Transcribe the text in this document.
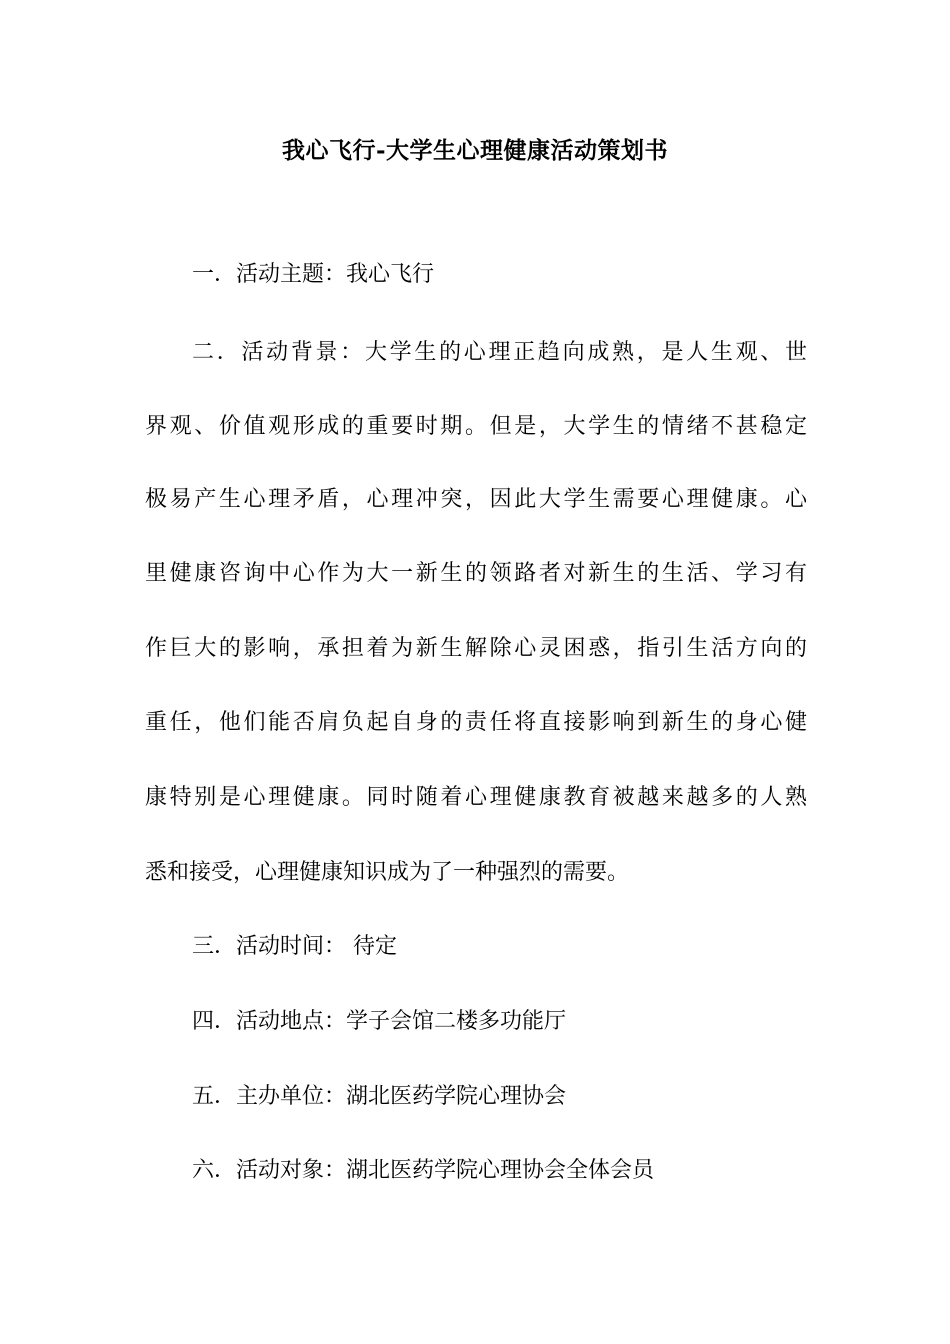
我心飞行-大学生心理健康活动策划书
一．活动主题：我心飞行
二．活动背景：大学生的心理正趋向成熟，是人生观、世
界观、价值观形成的重要时期。但是，大学生的情绪不甚稳定
极易产生心理矛盾，心理冲突，因此大学生需要心理健康。心
里健康咨询中心作为大一新生的领路者对新生的生活、学习有
作巨大的影响，承担着为新生解除心灵困惑，指引生活方向的
重任，他们能否肩负起自身的责任将直接影响到新生的身心健
康特别是心理健康。同时随着心理健康教育被越来越多的人熟
悉和接受，心理健康知识成为了一种强烈的需要。
三．活动时间： 待定
四．活动地点：学子会馆二楼多功能厅
五．主办单位：湖北医药学院心理协会
六．活动对象：湖北医药学院心理协会全体会员
